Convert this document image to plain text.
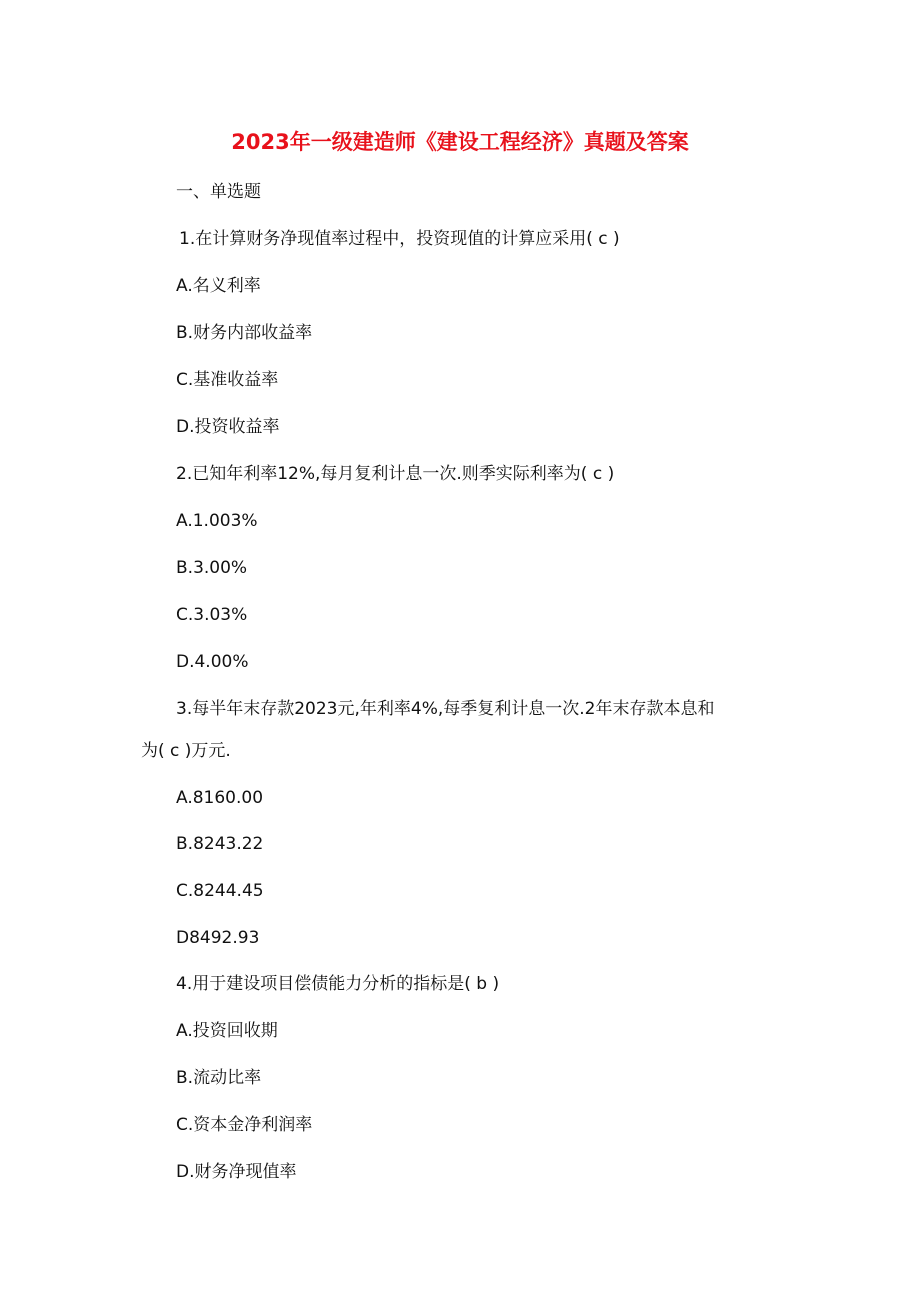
2023年一级建造师《建设工程经济》真题及答案
一、单选题
1.在计算财务净现值率过程中，投资现值的计算应采用( c )
A.名义利率
B.财务内部收益率
C.基准收益率
D.投资收益率
2.已知年利率12%,每月复利计息一次.则季实际利率为( c )
A.1.003%
B.3.00%
C.3.03%
D.4.00%
3.每半年末存款2023元,年利率4%,每季复利计息一次.2年末存款本息和
为( c )万元.
A.8160.00
B.8243.22
C.8244.45
D8492.93
4.用于建设项目偿债能力分析的指标是( b )
A.投资回收期
B.流动比率
C.资本金净利润率
D.财务净现值率
